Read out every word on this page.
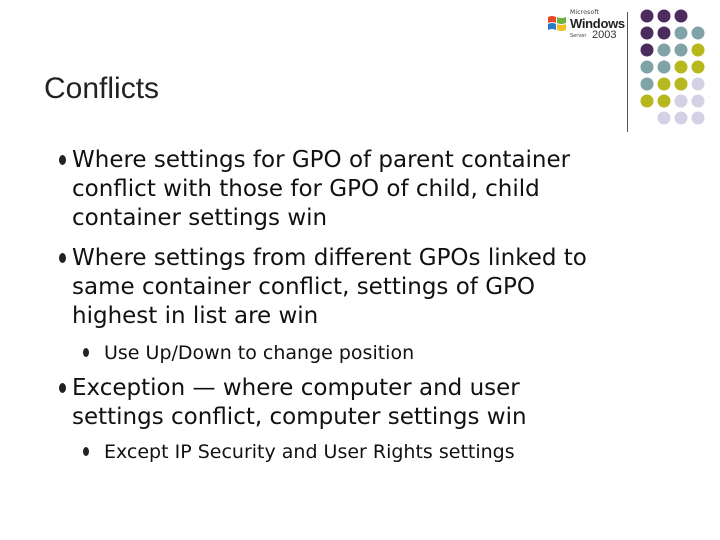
Microsoft
Windows
Server 2003
Conflicts
Where settings for GPO of parent container
conflict with those for GPO of child, child
container settings win
Where settings from different GPOs linked to
same container conflict, settings of GPO
highest in list are win
Use Up/Down to change position
Exception — where computer and user
settings conflict, computer settings win
Except IP Security and User Rights settings
